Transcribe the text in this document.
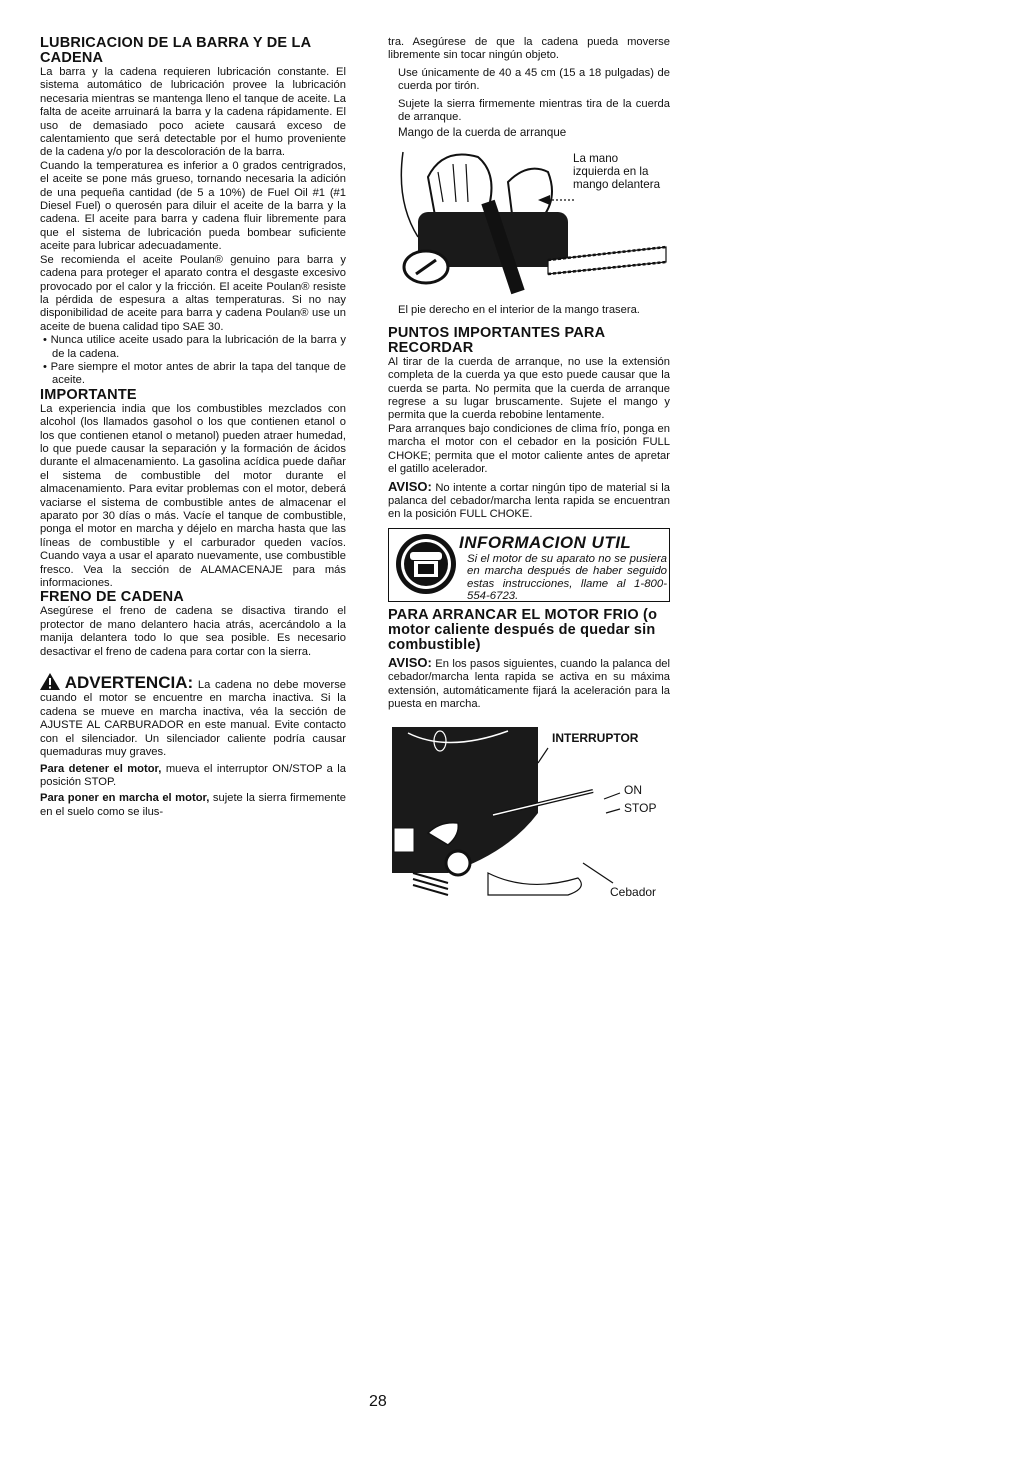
LUBRICACION DE LA BARRA Y DE LA CADENA

La barra y la cadena requieren lubricación constante. El sistema automático de lubricación provee la lubricación necesaria mientras se mantenga lleno el tanque de aceite. La falta de aceite arruinará la barra y la cadena rápidamente. El uso de demasiado poco aciete causará exceso de calentamiento que será detectable por el humo proveniente de la cadena y/o por la descoloración de la barra.

Cuando la temperaturea es inferior a 0 grados centrigrados, el aceite se pone más grueso, tornando necesaria la adición de una pequeña cantidad (de 5 a 10%) de Fuel Oil #1 (#1 Diesel Fuel) o querosén para diluir el aceite de la barra y la cadena. El aceite para barra y cadena fluir libremente para que el sistema de lubricación pueda bombear suficiente aceite para lubricar adecuadamente.

Se recomienda el aceite Poulan® genuino para barra y cadena para proteger el aparato contra el desgaste excesivo provocado por el calor y la fricción. El aceite Poulan® resiste la pérdida de espesura a altas temperaturas. Si no nay disponibilidad de aceite para barra y cadena Poulan® use un aceite de buena calidad tipo SAE 30.

• Nunca utilice aceite usado para la lubricación de la barra y de la cadena.
• Pare siempre el motor antes de abrir la tapa del tanque de aceite.

IMPORTANTE

La experiencia india que los combustibles mezclados con alcohol (los llamados gasohol o los que contienen etanol o los que contienen etanol o metanol) pueden atraer humedad, lo que puede causar la separación y la formación de ácidos durante el almacenamiento. La gasolina acídica puede dañar el sistema de combustible del motor durante el almacenamiento. Para evitar problemas con el motor, deberá vaciarse el sistema de combustible antes de almacenar el aparato por 30 días o más. Vacíe el tanque de combustible, ponga el motor en marcha y déjelo en marcha hasta que las líneas de combustible y el carburador queden vacíos. Cuando vaya a usar el aparato nuevamente, use combustible fresco. Vea la sección de ALAMACENAJE para más informaciones.

FRENO DE CADENA

Asegúrese el freno de cadena se disactiva tirando el protector de mano delantero hacia atrás, acercándolo a la manija delantera todo lo que sea posible. Es necesario desactivar el freno de cadena para cortar con la sierra.

ADVERTENCIA: La cadena no debe moverse cuando el motor se encuentre en marcha inactiva. Si la cadena se mueve en marcha inactiva, véa la sección de AJUSTE AL CARBURADOR en este manual. Evite contacto con el silenciador. Un silenciador caliente podría causar quemaduras muy graves.

Para detener el motor, mueva el interruptor ON/STOP a la posición STOP.

Para poner en marcha el motor, sujete la sierra firmemente en el suelo como se ilus-

tra. Asegúrese de que la cadena pueda moverse libremente sin tocar ningún objeto.

Use únicamente de 40 a 45 cm (15 a 18 pulgadas) de cuerda por tirón.

Sujete la sierra firmemente mientras tira de la cuerda de arranque.

Mango de la cuerda de arranque
La mano izquierda en la mango delantera

El pie derecho en el interior de la mango trasera.

PUNTOS IMPORTANTES PARA RECORDAR

Al tirar de la cuerda de arranque, no use la extensión completa de la cuerda ya que esto puede causar que la cuerda se parta. No permita que la cuerda de arranque regrese a su lugar bruscamente. Sujete el mango y permita que la cuerda rebobine lentamente.

Para arranques bajo condiciones de clima frío, ponga en marcha el motor con el cebador en la posición FULL CHOKE; permita que el motor caliente antes de apretar el gatillo acelerador.

AVISO: No intente a cortar ningún tipo de material si la palanca del cebador/marcha lenta rapida se encuentran en la posición FULL CHOKE.

INFORMACION UTIL
Si el motor de su aparato no se pusiera en marcha después de haber seguido estas instrucciones, llame al 1-800-554-6723.

PARA ARRANCAR EL MOTOR FRIO (o motor caliente después de quedar sin combustible)

AVISO: En los pasos siguientes, cuando la palanca del cebador/marcha lenta rapida se activa en su máxima extensión, automáticamente fijará la aceleración para la puesta en marcha.

INTERRUPTOR
ON
STOP
Cebador
28
